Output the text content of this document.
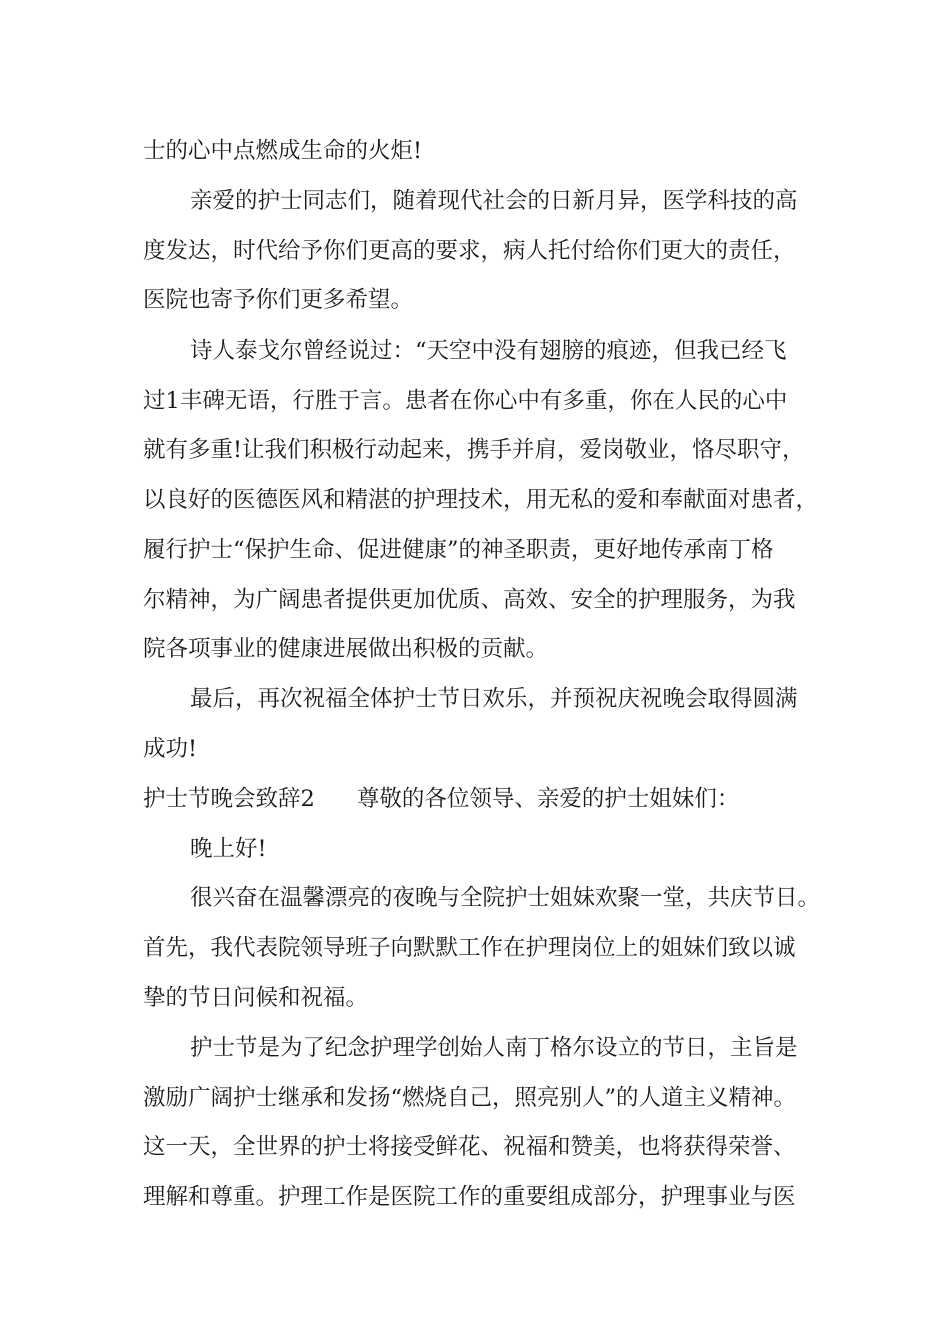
士的心中点燃成生命的火炬!

亲爱的护士同志们，随着现代社会的日新月异，医学科技的高

度发达，时代给予你们更高的要求，病人托付给你们更大的责任，

医院也寄予你们更多希望。

诗人泰戈尔曾经说过：“天空中没有翅膀的痕迹，但我已经飞

过1丰碑无语，行胜于言。患者在你心中有多重，你在人民的心中

就有多重!让我们积极行动起来，携手并肩，爱岗敬业，恪尽职守，

以良好的医德医风和精湛的护理技术，用无私的爱和奉献面对患者，

履行护士“保护生命、促进健康”的神圣职责，更好地传承南丁格

尔精神，为广阔患者提供更加优质、高效、安全的护理服务，为我

院各项事业的健康进展做出积极的贡献。

最后，再次祝福全体护士节日欢乐，并预祝庆祝晚会取得圆满

成功!

护士节晚会致辞2 尊敬的各位领导、亲爱的护士姐妹们：

晚上好!

很兴奋在温馨漂亮的夜晚与全院护士姐妹欢聚一堂，共庆节日。

首先，我代表院领导班子向默默工作在护理岗位上的姐妹们致以诚

挚的节日问候和祝福。

护士节是为了纪念护理学创始人南丁格尔设立的节日，主旨是

激励广阔护士继承和发扬“燃烧自己，照亮别人”的人道主义精神。

这一天，全世界的护士将接受鲜花、祝福和赞美，也将获得荣誉、

理解和尊重。护理工作是医院工作的重要组成部分，护理事业与医
